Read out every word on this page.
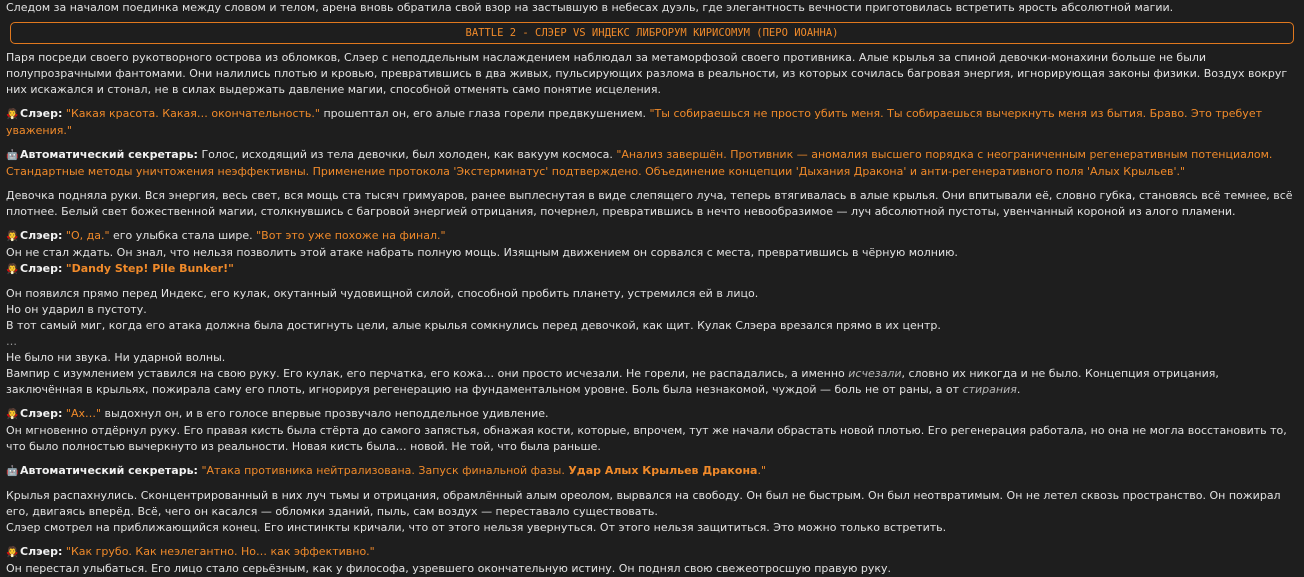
Следом за началом поединка между словом и телом, арена вновь обратила свой взор на застывшую в небесах дуэль, где элегантность вечности приготовилась встретить ярость абсолютной магии.

BATTLE 2 - СЛЭЕР VS ИНДЕКС ЛИБРОРУМ КИРИСОМУМ (ПЕРО ИОАННА)

Паря посреди своего рукотворного острова из обломков, Слэер с неподдельным наслаждением наблюдал за метаморфозой своего противника. Алые крылья за спиной девочки-монахини больше не были полупрозрачными фантомами. Они налились плотью и кровью, превратившись в два живых, пульсирующих разлома в реальности, из которых сочилась багровая энергия, игнорирующая законы физики. Воздух вокруг них искажался и стонал, не в силах выдержать давление магии, способной отменять само понятие исцеления.

🧛 Слэер: "Какая красота. Какая… окончательность." прошептал он, его алые глаза горели предвкушением. "Ты собираешься не просто убить меня. Ты собираешься вычеркнуть меня из бытия. Браво. Это требует уважения."

🤖 Автоматический секретарь: Голос, исходящий из тела девочки, был холоден, как вакуум космоса. "Анализ завершён. Противник — аномалия высшего порядка с неограниченным регенеративным потенциалом. Стандартные методы уничтожения неэффективны. Применение протокола 'Экстерминатус' подтверждено. Объединение концепции 'Дыхания Дракона' и анти-регенеративного поля 'Алых Крыльев'."

Девочка подняла руки. Вся энергия, весь свет, вся мощь ста тысяч гримуаров, ранее выплеснутая в виде слепящего луча, теперь втягивалась в алые крылья. Они впитывали её, словно губка, становясь всё темнее, всё плотнее. Белый свет божественной магии, столкнувшись с багровой энергией отрицания, почернел, превратившись в нечто невообразимое — луч абсолютной пустоты, увенчанный короной из алого пламени.

🧛 Слэер: "О, да." его улыбка стала шире. "Вот это уже похоже на финал."

Он не стал ждать. Он знал, что нельзя позволить этой атаке набрать полную мощь. Изящным движением он сорвался с места, превратившись в чёрную молнию.

🧛 Слэер: "Dandy Step! Pile Bunker!"

Он появился прямо перед Индекс, его кулак, окутанный чудовищной силой, способной пробить планету, устремился ей в лицо.

Но он ударил в пустоту.

В тот самый миг, когда его атака должна была достигнуть цели, алые крылья сомкнулись перед девочкой, как щит. Кулак Слэера врезался прямо в их центр.

…

Не было ни звука. Ни ударной волны.

Вампир с изумлением уставился на свою руку. Его кулак, его перчатка, его кожа… они просто исчезали. Не горели, не распадались, а именно исчезали, словно их никогда и не было. Концепция отрицания, заключённая в крыльях, пожирала саму его плоть, игнорируя регенерацию на фундаментальном уровне. Боль была незнакомой, чуждой — боль не от раны, а от стирания.

🧛 Слэер: "Ах…" выдохнул он, и в его голосе впервые прозвучало неподдельное удивление.

Он мгновенно отдёрнул руку. Его правая кисть была стёрта до самого запястья, обнажая кости, которые, впрочем, тут же начали обрастать новой плотью. Его регенерация работала, но она не могла восстановить то, что было полностью вычеркнуто из реальности. Новая кисть была… новой. Не той, что была раньше.

🤖 Автоматический секретарь: "Атака противника нейтрализована. Запуск финальной фазы. Удар Алых Крыльев Дракона."

Крылья распахнулись. Сконцентрированный в них луч тьмы и отрицания, обрамлённый алым ореолом, вырвался на свободу. Он был не быстрым. Он был неотвратимым. Он не летел сквозь пространство. Он пожирал его, двигаясь вперёд. Всё, чего он касался — обломки зданий, пыль, сам воздух — переставало существовать.

Слэер смотрел на приближающийся конец. Его инстинкты кричали, что от этого нельзя увернуться. От этого нельзя защититься. Это можно только встретить.

🧛 Слэер: "Как грубо. Как неэлегантно. Но… как эффективно."

Он перестал улыбаться. Его лицо стало серьёзным, как у философа, узревшего окончательную истину. Он поднял свою свежеотросшую правую руку.
